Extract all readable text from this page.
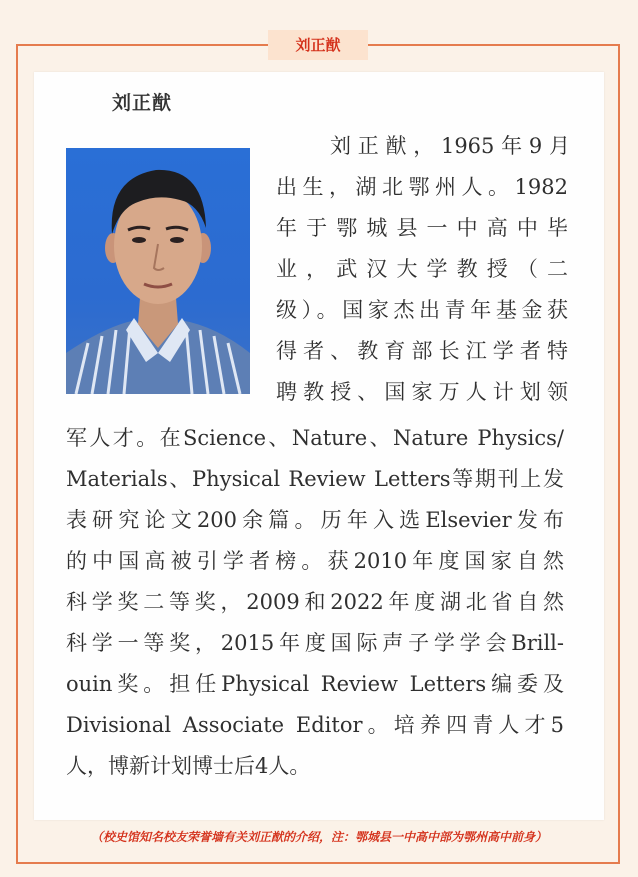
刘正猷
刘正猷
刘正猷，1965年9月
出生，湖北鄂州人。1982
年于鄂城县一中高中毕
业，武汉大学教授（二
级）。国家杰出青年基金获
得者、教育部长江学者特
聘教授、国家万人计划领
军人才。在Science、Nature、Nature Physics/
Materials、Physical Review Letters等期刊上发
表研究论文200余篇。历年入选Elsevier发布
的中国高被引学者榜。获2010年度国家自然
科学奖二等奖，2009和2022年度湖北省自然
科学一等奖，2015年度国际声子学学会Brill-
ouin奖。担任Physical Review Letters编委及
Divisional Associate Editor。培养四青人才5
人，博新计划博士后4人。
（校史馆知名校友荣誉墙有关刘正猷的介绍，注：鄂城县一中高中部为鄂州高中前身）
